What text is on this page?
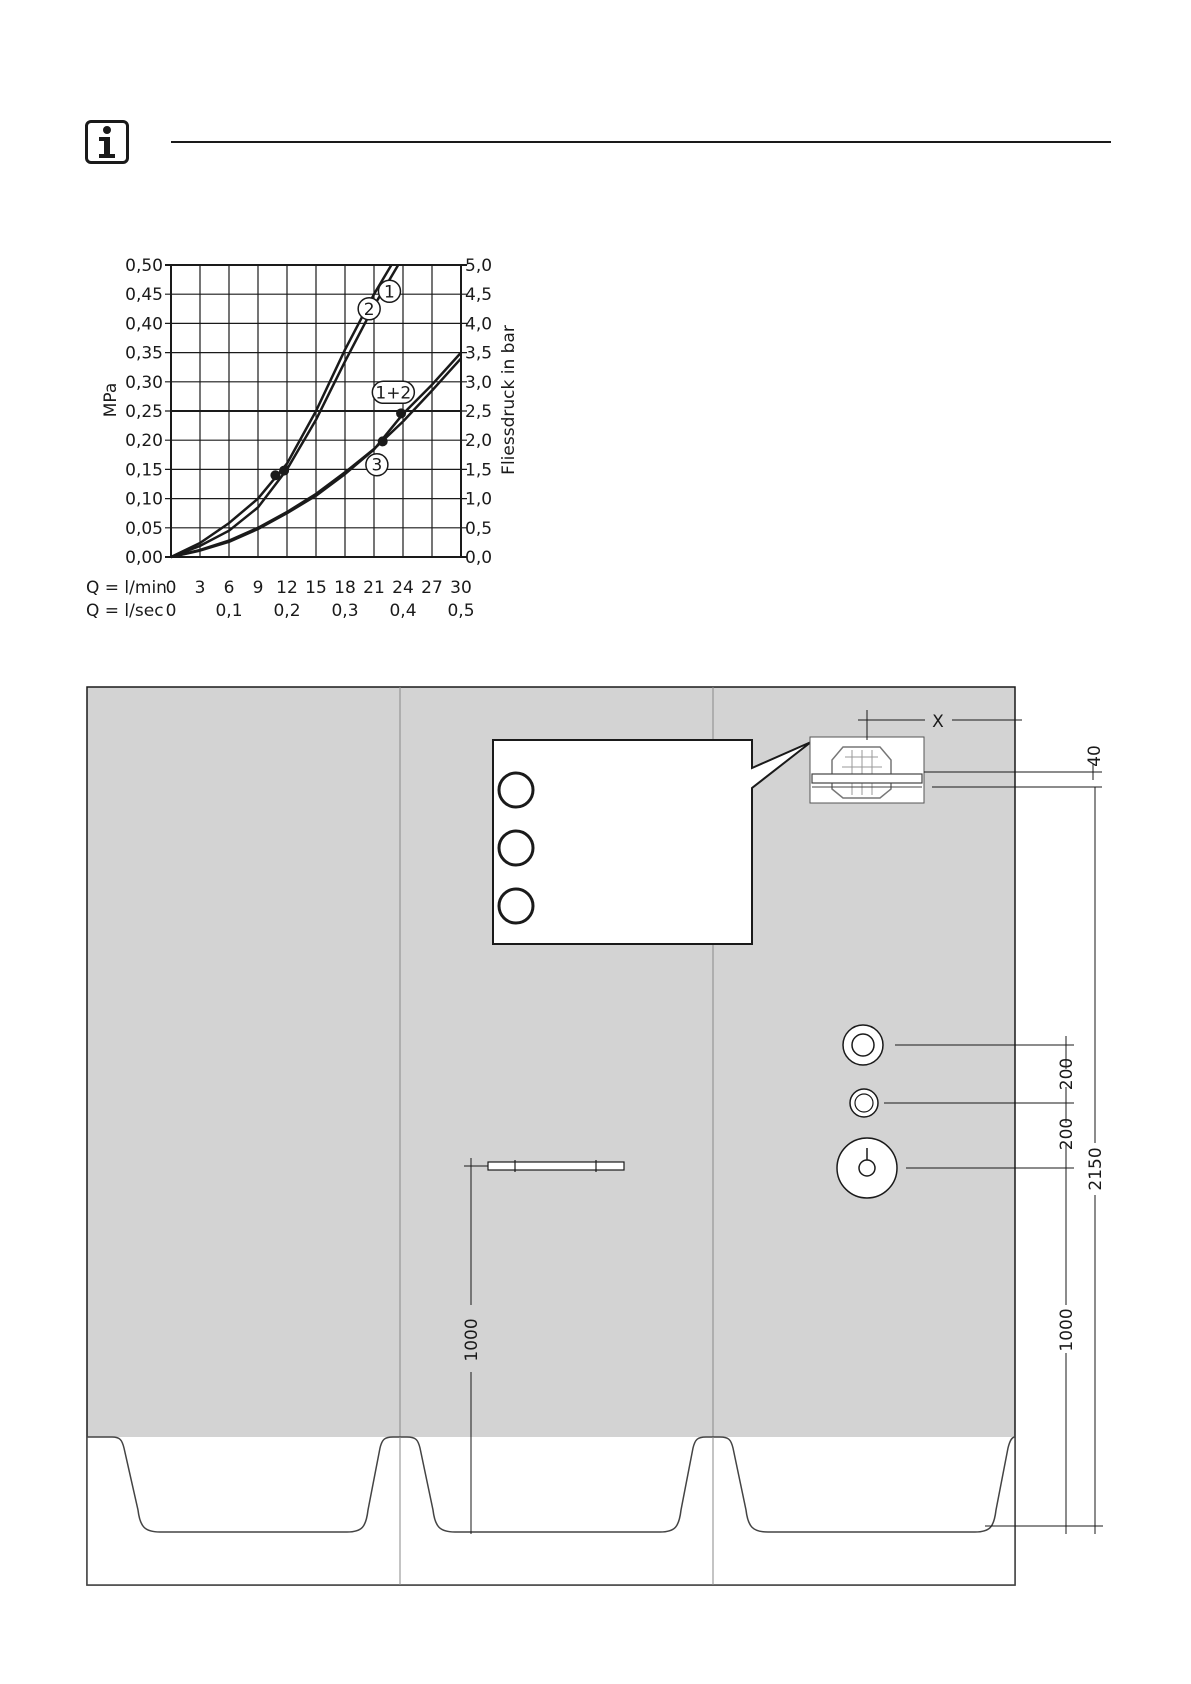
0,00
0,05
0,10
0,15
0,20
0,25
0,30
0,35
0,40
0,45
0,50
0,0
0,5
1,0
1,5
2,0
2,5
3,0
3,5
4,0
4,5
5,0
0 3 6 9 12 15 18 21 24 27 30
0 0,1 0,2 0,3 0,4 0,5
1
2
3
1+2
MPa	Fliessdruck in bar
Q = l/min
Q = l/sec
X
40
200
200
1000
2150
1000
